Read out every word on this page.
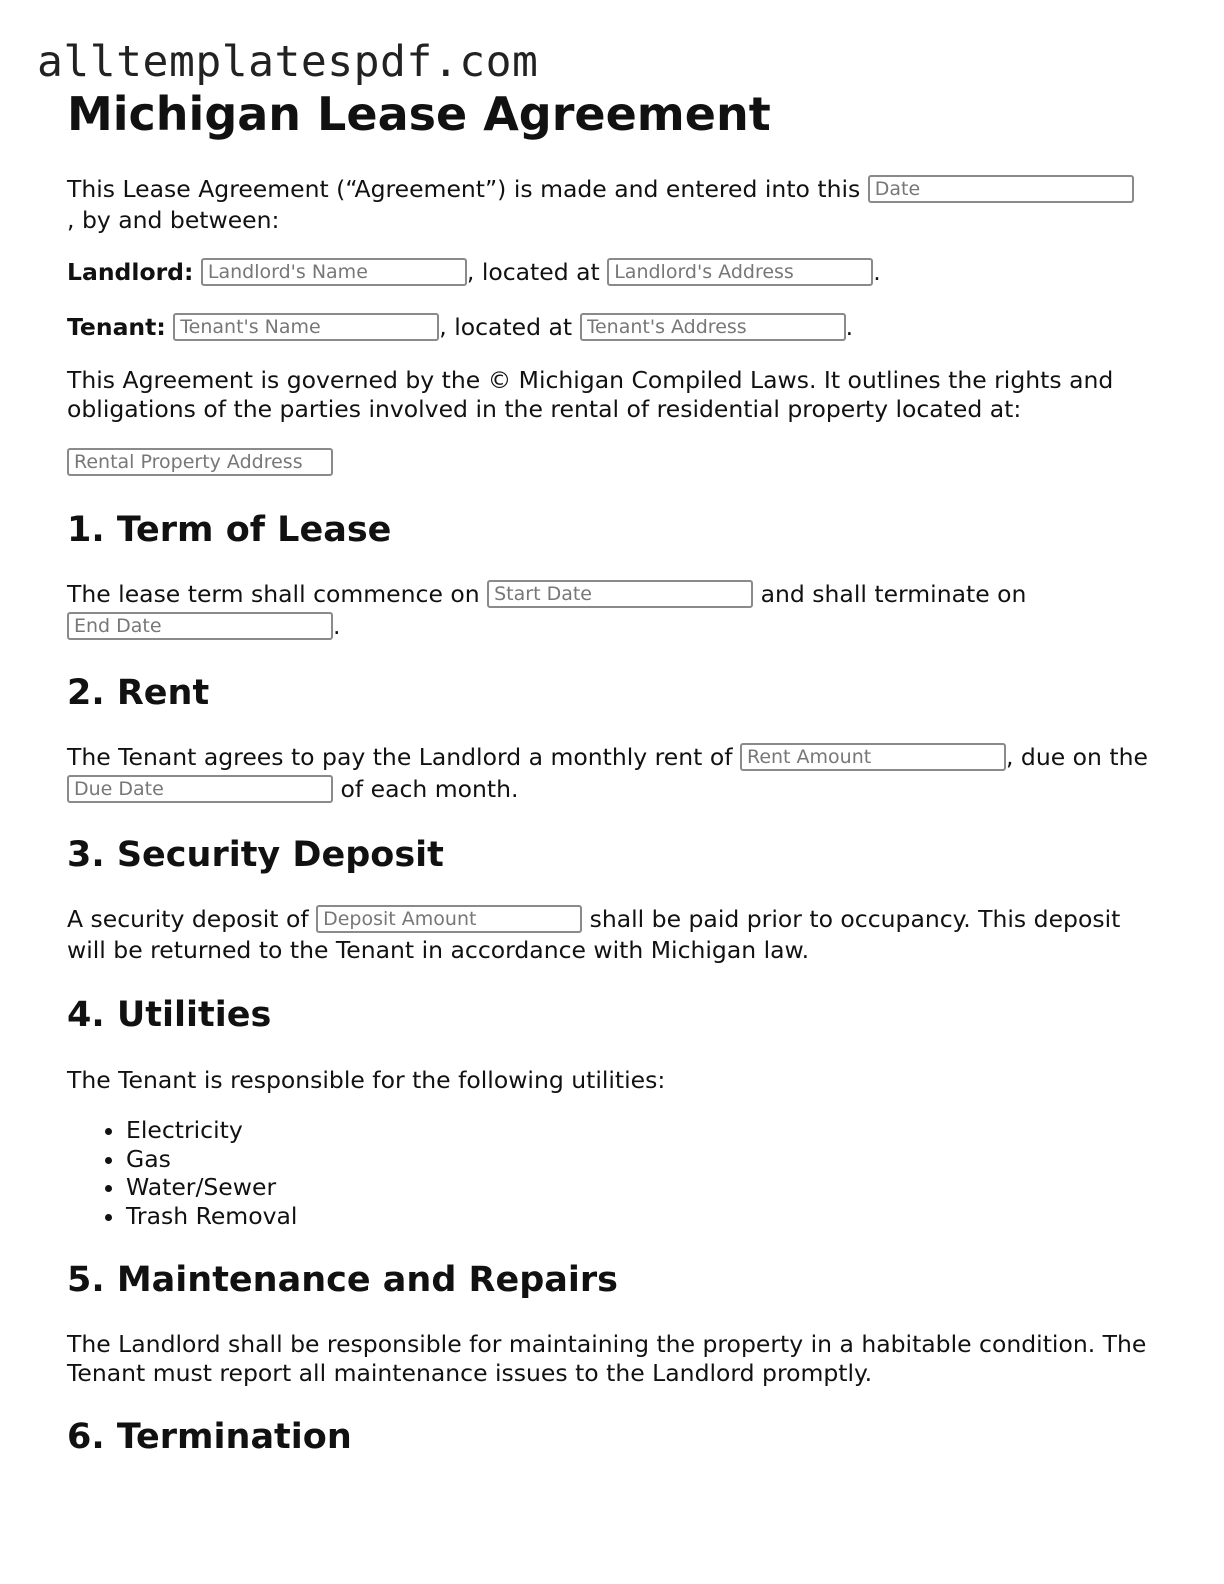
alltemplatespdf.com
Michigan Lease Agreement

This Lease Agreement (“Agreement”) is made and entered into this Date
, by and between:

Landlord: Landlord's Name	, located at Landlord's Address	.

Tenant: Tenant's Name	, located at Tenant's Address	.

This Agreement is governed by the © Michigan Compiled Laws. It outlines the rights and obligations of the parties involved in the rental of residential property located at:

Rental Property Address
1. Term of Lease

The lease term shall commence on Start Date	and shall terminate on
End Date.

2. Rent

The Tenant agrees to pay the Landlord a monthly rent of Rent Amount	, due on the Due Date of each month.

3. Security Deposit

A security deposit of Deposit Amount	shall be paid prior to occupancy. This deposit will be returned to the Tenant in accordance with Michigan law.

4. Utilities

The Tenant is responsible for the following utilities:

• Electricity
• Gas
• Water/Sewer
• Trash Removal
5. Maintenance and Repairs

The Landlord shall be responsible for maintaining the property in a habitable condition. The Tenant must report all maintenance issues to the Landlord promptly.

6. Termination
